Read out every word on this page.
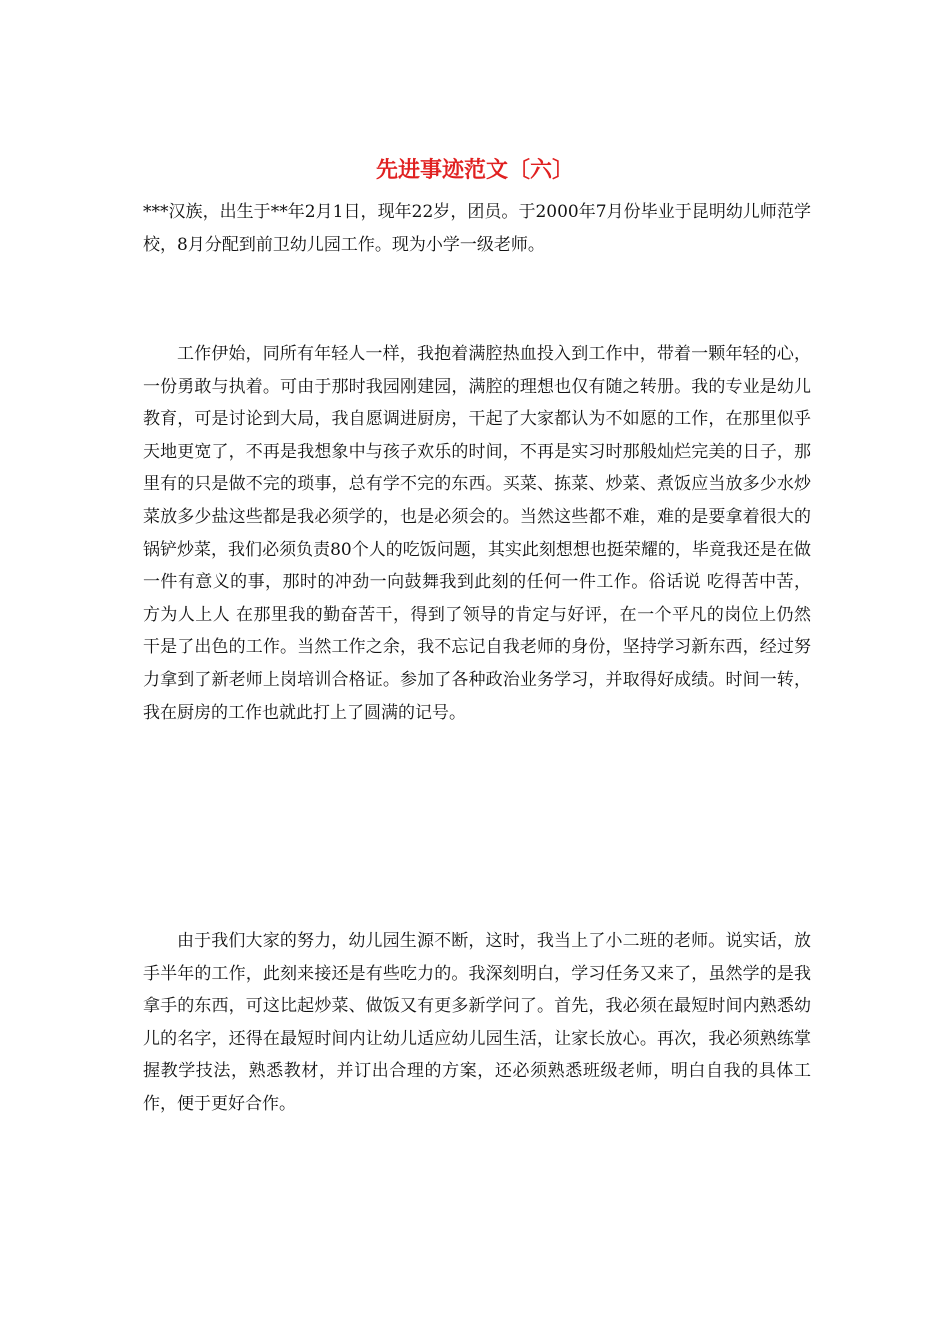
先进事迹范文〔六〕

***汉族，出生于**年2月1日，现年22岁，团员。于2000年7月份毕业于昆明幼儿师范学校，8月分配到前卫幼儿园工作。现为小学一级老师。

工作伊始，同所有年轻人一样，我抱着满腔热血投入到工作中，带着一颗年轻的心，一份勇敢与执着。可由于那时我园刚建园，满腔的理想也仅有随之转册。我的专业是幼儿教育，可是讨论到大局，我自愿调进厨房，干起了大家都认为不如愿的工作，在那里似乎天地更宽了，不再是我想象中与孩子欢乐的时间，不再是实习时那般灿烂完美的日子，那里有的只是做不完的琐事，总有学不完的东西。买菜、拣菜、炒菜、煮饭应当放多少水炒菜放多少盐这些都是我必须学的，也是必须会的。当然这些都不难，难的是要拿着很大的锅铲炒菜，我们必须负责80个人的吃饭问题，其实此刻想想也挺荣耀的，毕竟我还是在做一件有意义的事，那时的冲劲一向鼓舞我到此刻的任何一件工作。俗话说 吃得苦中苦，方为人上人 在那里我的勤奋苦干，得到了领导的肯定与好评，在一个平凡的岗位上仍然干是了出色的工作。当然工作之余，我不忘记自我老师的身份，坚持学习新东西，经过努力拿到了新老师上岗培训合格证。参加了各种政治业务学习，并取得好成绩。时间一转，我在厨房的工作也就此打上了圆满的记号。

由于我们大家的努力，幼儿园生源不断，这时，我当上了小二班的老师。说实话，放手半年的工作，此刻来接还是有些吃力的。我深刻明白，学习任务又来了，虽然学的是我拿手的东西，可这比起炒菜、做饭又有更多新学问了。首先，我必须在最短时间内熟悉幼儿的名字，还得在最短时间内让幼儿适应幼儿园生活，让家长放心。再次，我必须熟练掌握教学技法，熟悉教材，并订出合理的方案，还必须熟悉班级老师，明白自我的具体工作，便于更好合作。
